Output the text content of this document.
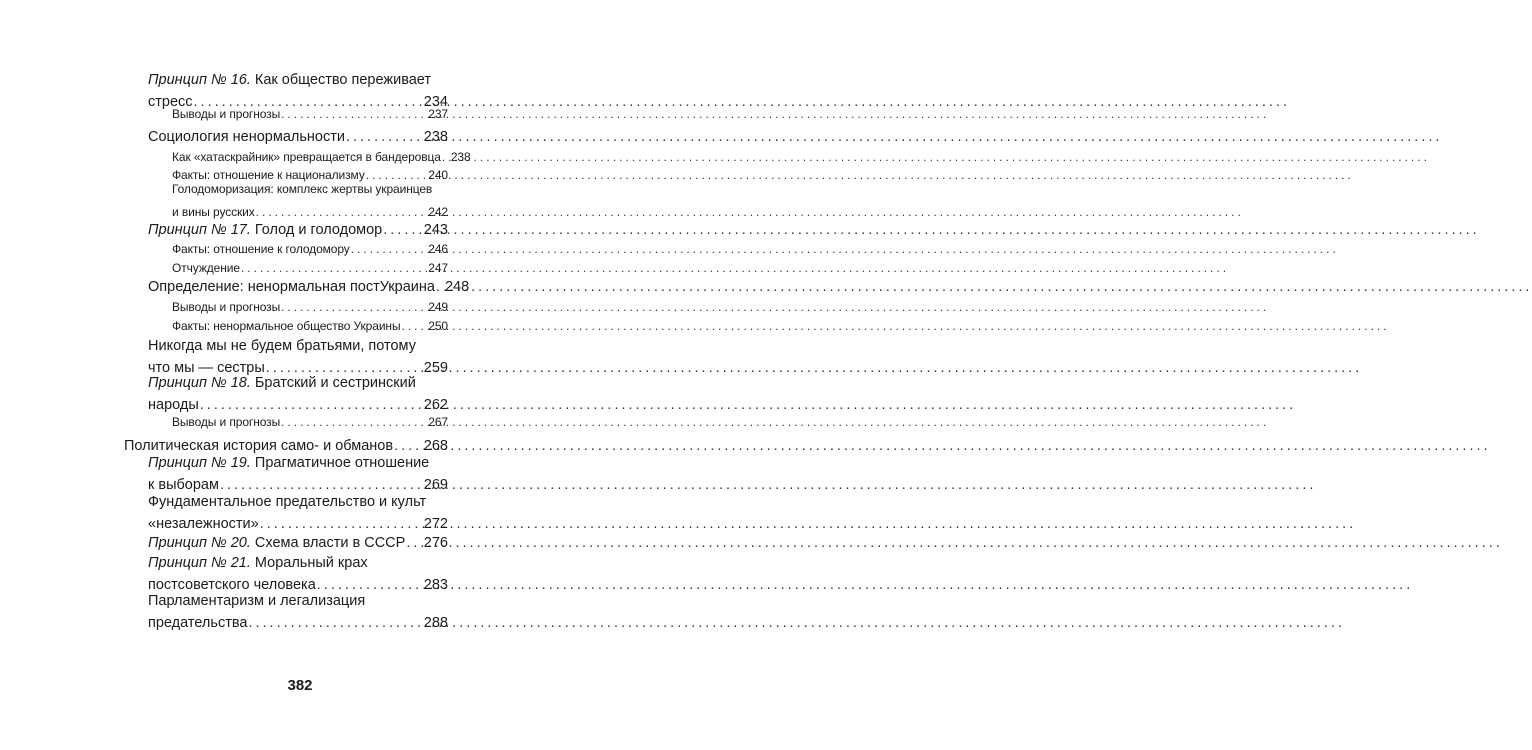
Принцип № 16. Как общество переживает
стресс .....	234
Выводы и прогнозы .....	237
Социология ненормальности .....	238
Как «хатаскрайник» превращается в бандеровца ..... 238
Факты: отношение к национализму .....	240
Голодоморизация: комплекс жертвы украинцев
и вины русских .....	242
Принцип № 17. Голод и голодомор .....	243
Факты: отношение к голодомору .....	246
Отчуждение .....	247
Определение: ненормальная постУкраина ..... 248
Выводы и прогнозы .....	249
Факты: ненормальное общество Украины ..... 250
Никогда мы не будем братьями, потому
что мы — сестры .....	259
Принцип № 18. Братский и сестринский
народы .....	262
Выводы и прогнозы .....	267
Политическая история само- и обманов ..... 268
Принцип № 19. Прагматичное отношение
к выборам .....	269
Фундаментальное предательство и культ
«незалежности» .....	272
Принцип № 20. Схема власти в СССР ..... 276
Принцип № 21. Моральный крах
постсоветского человека .....	283
Парламентаризм и легализация
предательства .....	288
382
